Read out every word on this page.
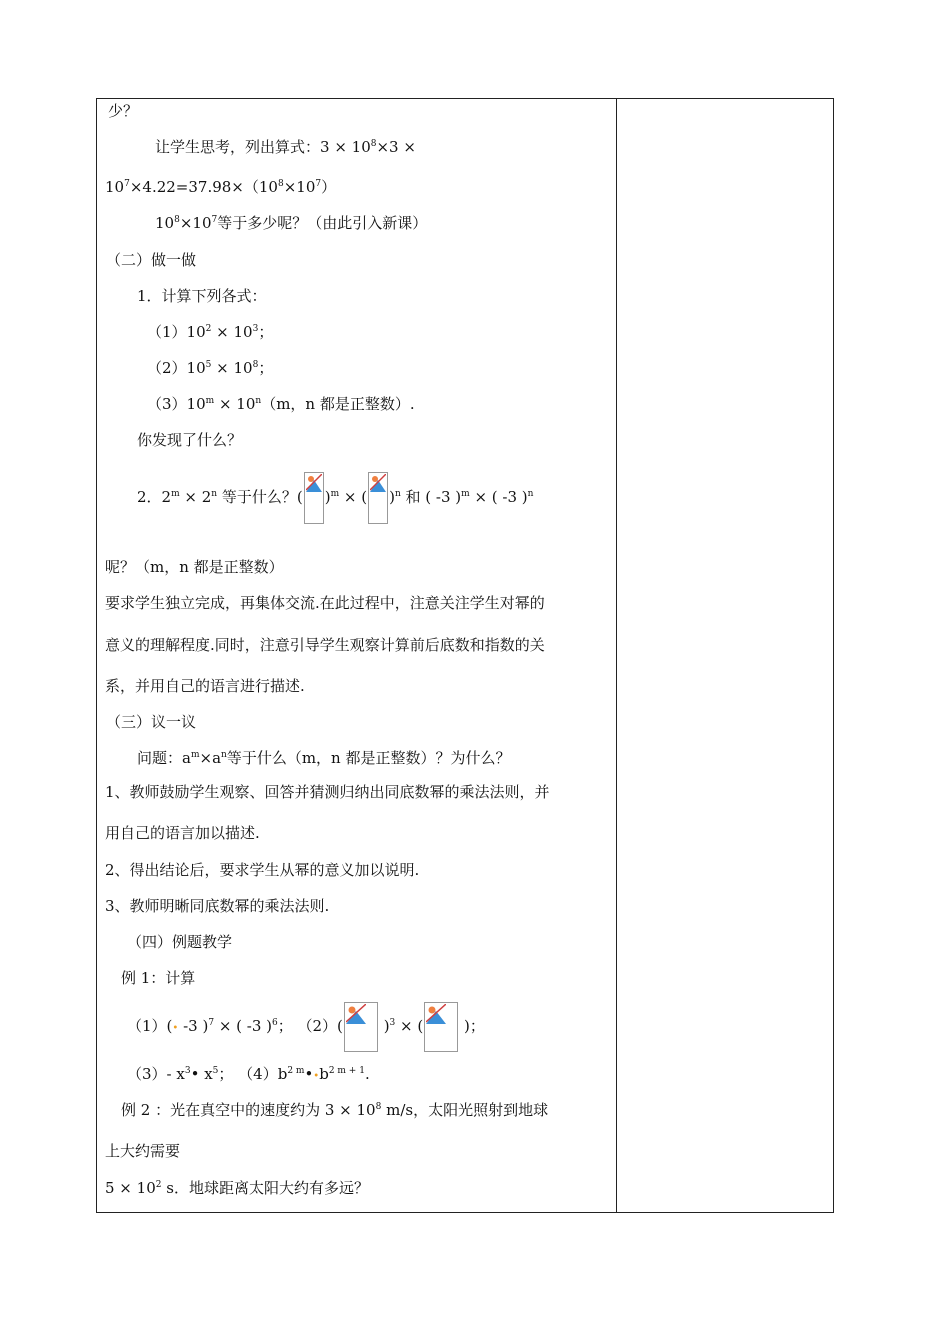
少？
让学生思考，列出算式：$3 \times 10^8\times 3$ ×
$10^7\times 4.22=37.98\times(10^8\times 10^7)$
$10^8\times 10^7$等于多少呢？（由此引入新课）
（二）做一做
1．计算下列各式：
$(1)10^2 \times 10^3$；
$(2)10^5 \times 10^8$；
$(3)10^m \times 10^n(m$，n 都是正整数）.
你发现了什么？
2．$2^m \times 2^n$ 等于什么？( )$^m$ × ( )$^n$ 和 ( -3 )$^m$ × ( -3 )$^n$
呢？（m，n 都是正整数）
要求学生独立完成，再集体交流.在此过程中，注意关注学生对幂的
意义的理解程度.同时，注意引导学生观察计算前后底数和指数的关
系，并用自己的语言进行描述.
（三）议一议
问题：$a^m\times a^n$等于什么（m，n 都是正整数）？为什么？
1、教师鼓励学生观察、回答并猜测归纳出同底数幂的乘法法则，并
用自己的语言加以描述.
2、得出结论后，要求学生从幂的意义加以说明.
3、教师明晰同底数幂的乘法法则.
（四）例题教学
例 1：计算
（1）(• -3 )$^7$ × ( -3 )$^6$； （2）(
)$^3$ × (
)；
（3）- $x^3•$ $x^5$； $(4)b^{2 m}••b^{2 m + 1}$.
例 2 ：光在真空中的速度约为 $3 \times 10^8$ m/s，太阳光照射到地球
上大约需要
$5 \times 10^2$ s．地球距离太阳大约有多远？
